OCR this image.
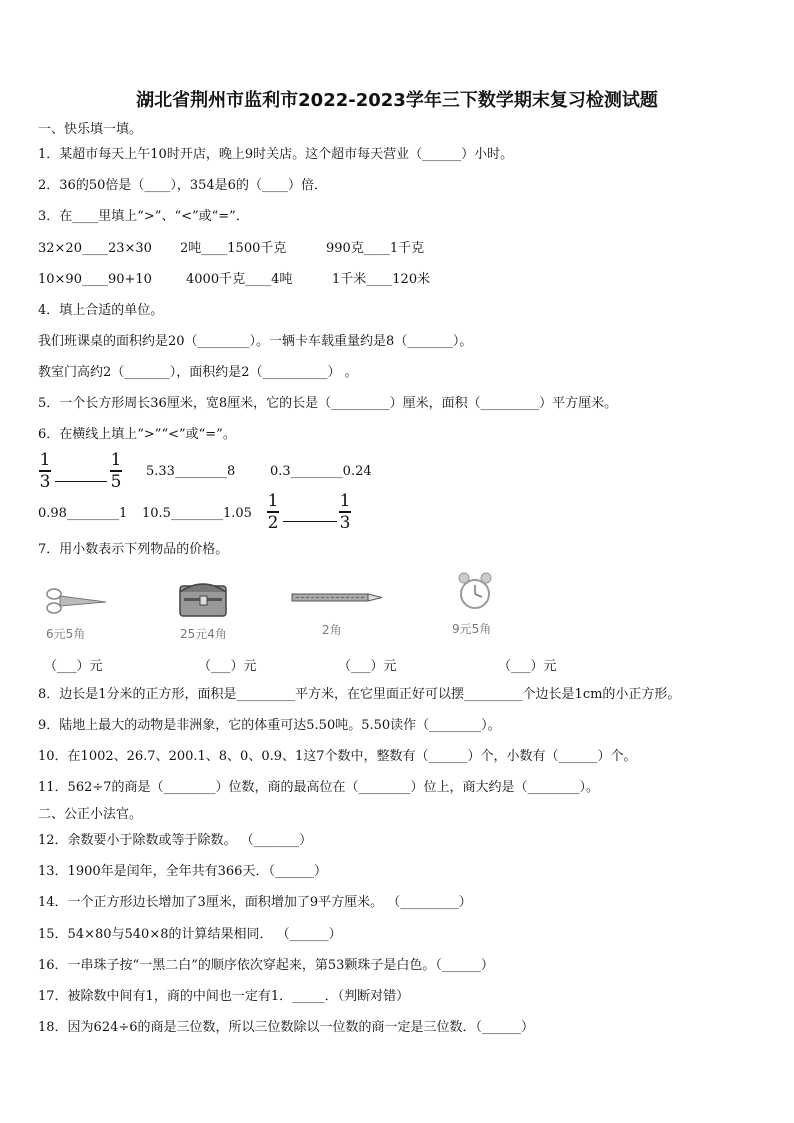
湖北省荆州市监利市2022-2023学年三下数学期末复习检测试题
一、快乐填一填。
1．某超市每天上午10时开店，晚上9时关店。这个超市每天营业（______）小时。
2．36的50倍是（____），354是6的（____）倍．
3．在____里填上“>”、“<”或“=”．
32×20____23×30 2吨____1500千克	990克____1千克
10×90____90+10	4000千克____4吨	1千米____120米
4．填上合适的单位。
我们班课桌的面积约是20（________）。一辆卡车载重量约是8（_______）。
教室门高约2（_______），面积约是2（__________） 。
5．一个长方形周长36厘米，宽8厘米，它的长是（_________）厘米，面积（_________）平方厘米。
6．在横线上填上“>”“<”或“=”。
1
3
1
5 5.33________8	0.3________0.24
0.98________1 10.5________1.05
1
2
1
3
7．用小数表示下列物品的价格。
6元5角	25元4角	2角	9元5角
（___）元	（___）元	（___）元	（___）元
8．边长是1分米的正方形，面积是_________平方米，在它里面正好可以摆_________个边长是1cm的小正方形。
9．陆地上最大的动物是非洲象，它的体重可达5.50吨。5.50读作（________）。
10．在1002、26.7、200.1、8、0、0.9、1这7个数中，整数有（______）个，小数有（______）个。
11．562÷7的商是（________）位数，商的最高位在（________）位上，商大约是（________）。
二、公正小法官。
12．余数要小于除数或等于除数。 （_______）
13．1900年是闰年，全年共有366天．（______）
14．一个正方形边长增加了3厘米，面积增加了9平方厘米。 （_________）
15．54×80与540×8的计算结果相同． （______）
16．一串珠子按“一黑二白”的顺序依次穿起来，第53颗珠子是白色。（______）
17．被除数中间有1，商的中间也一定有1．_____．（判断对错）
18．因为624÷6的商是三位数，所以三位数除以一位数的商一定是三位数．（______）
